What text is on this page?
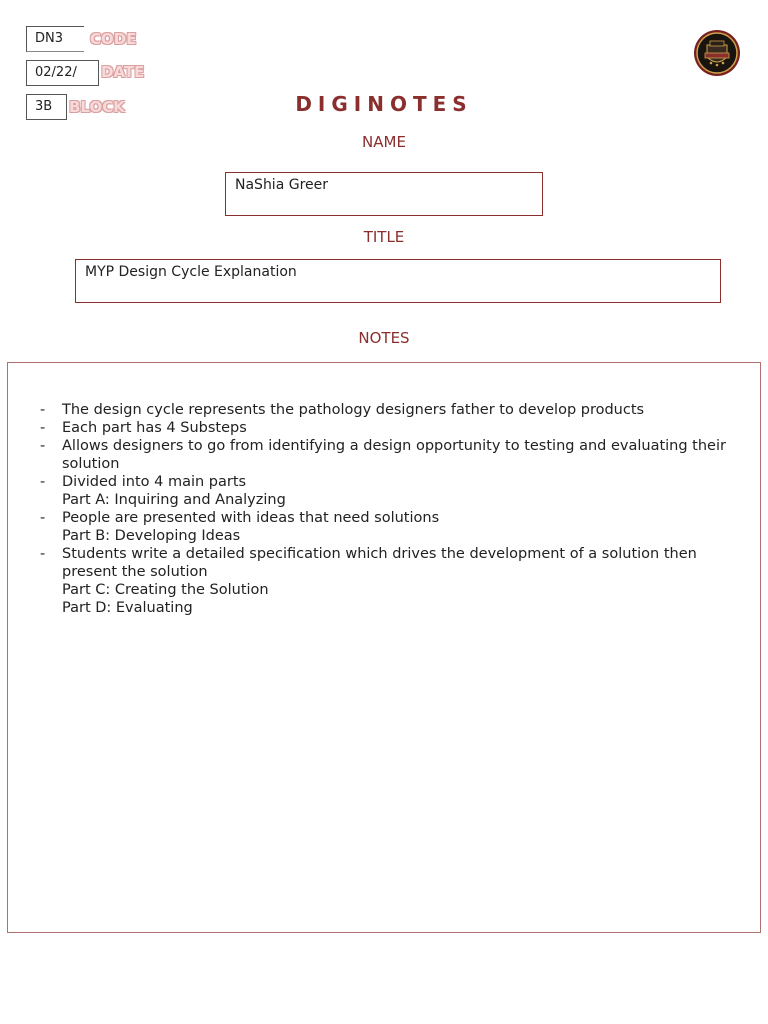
DN3	CODE
02/22/	DATE
3B	BLOCK	DIGINOTES
NAME
NaShia Greer
TITLE
MYP Design Cycle Explanation
NOTES
- The design cycle represents the pathology designers father to develop products
- Each part has 4 Substeps
- Allows designers to go from identifying a design opportunity to testing and evaluating their solution
- Divided into 4 main parts
Part A: Inquiring and Analyzing
- People are presented with ideas that need solutions
Part B: Developing Ideas
- Students write a detailed specification which drives the development of a solution then present the solution
Part C: Creating the Solution
Part D: Evaluating
